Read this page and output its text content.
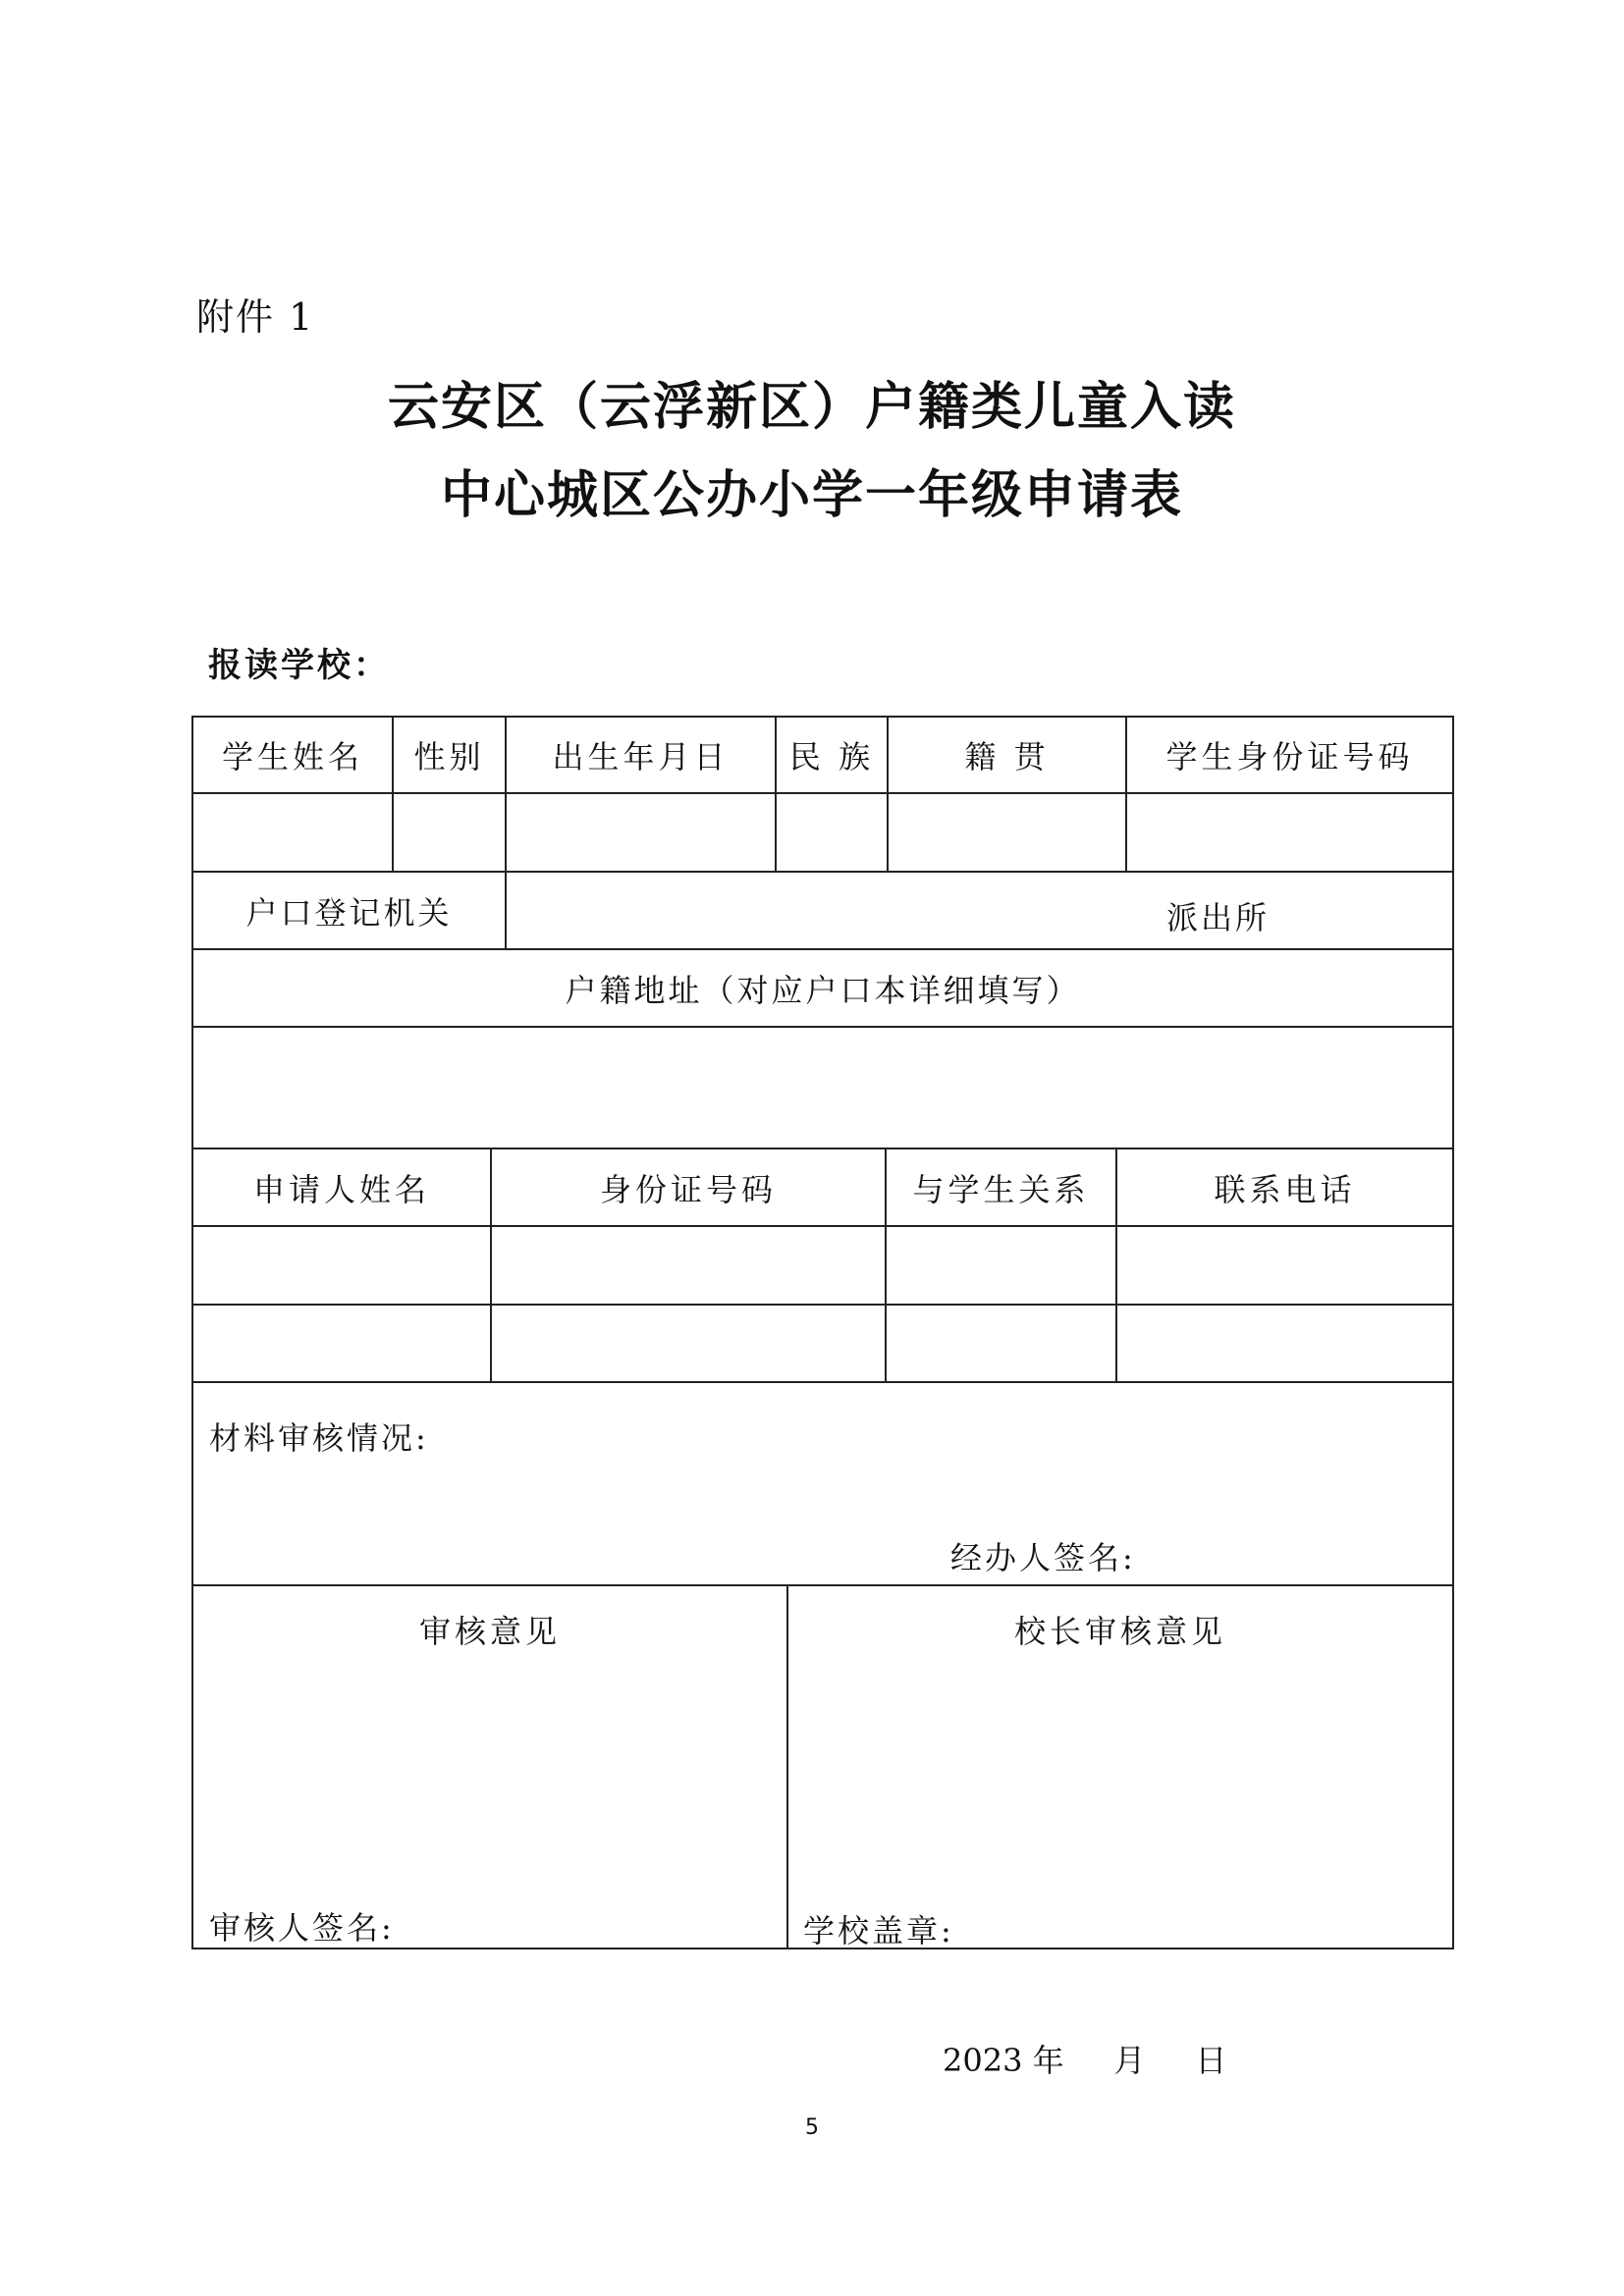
附件 1
云安区（云浮新区）户籍类儿童入读
中心城区公办小学一年级申请表
报读学校：
学生姓名	性别	出生年月日	民 族	籍 贯	学生身份证号码
户口登记机关	派出所
户籍地址（对应户口本详细填写）
申请人姓名	身份证号码	与学生关系	联系电话
材料审核情况:
经办人签名:
审核意见	校长审核意见
审核人签名:	学校盖章:
2023 年     月     日
5
